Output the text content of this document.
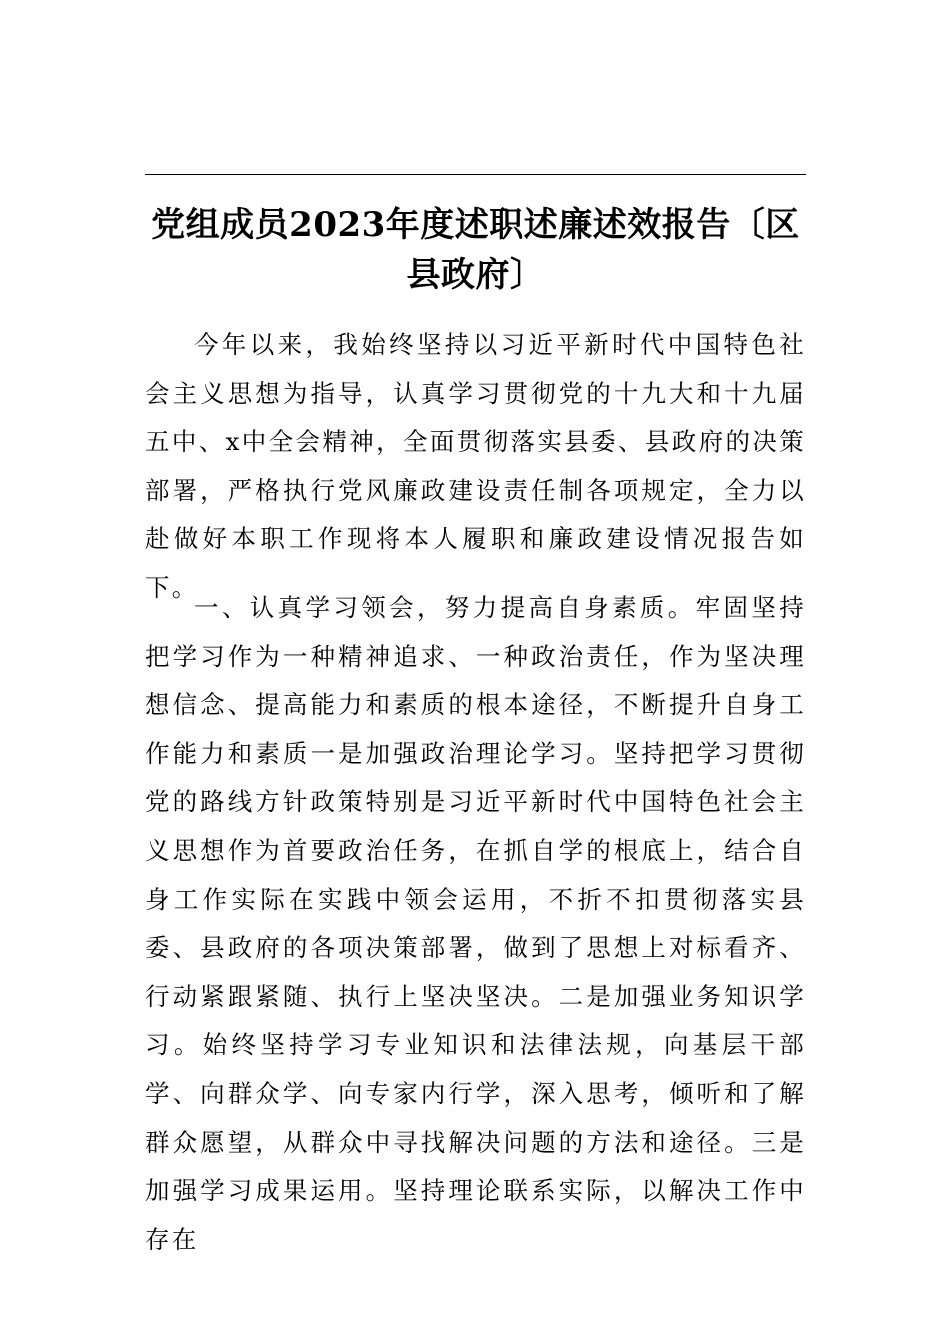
党组成员2023年度述职述廉述效报告〔区县政府〕

今年以来，我始终坚持以习近平新时代中国特色社会主义思想为指导，认真学习贯彻党的十九大和十九届五中、x中全会精神，全面贯彻落实县委、县政府的决策部署，严格执行党风廉政建设责任制各项规定，全力以赴做好本职工作现将本人履职和廉政建设情况报告如下。

一、认真学习领会，努力提高自身素质。牢固坚持把学习作为一种精神追求、一种政治责任，作为坚决理想信念、提高能力和素质的根本途径，不断提升自身工作能力和素质一是加强政治理论学习。坚持把学习贯彻党的路线方针政策特别是习近平新时代中国特色社会主义思想作为首要政治任务，在抓自学的根底上，结合自身工作实际在实践中领会运用，不折不扣贯彻落实县委、县政府的各项决策部署，做到了思想上对标看齐、行动紧跟紧随、执行上坚决坚决。二是加强业务知识学习。始终坚持学习专业知识和法律法规，向基层干部学、向群众学、向专家内行学，深入思考，倾听和了解群众愿望，从群众中寻找解决问题的方法和途径。三是加强学习成果运用。坚持理论联系实际，以解决工作中存在
